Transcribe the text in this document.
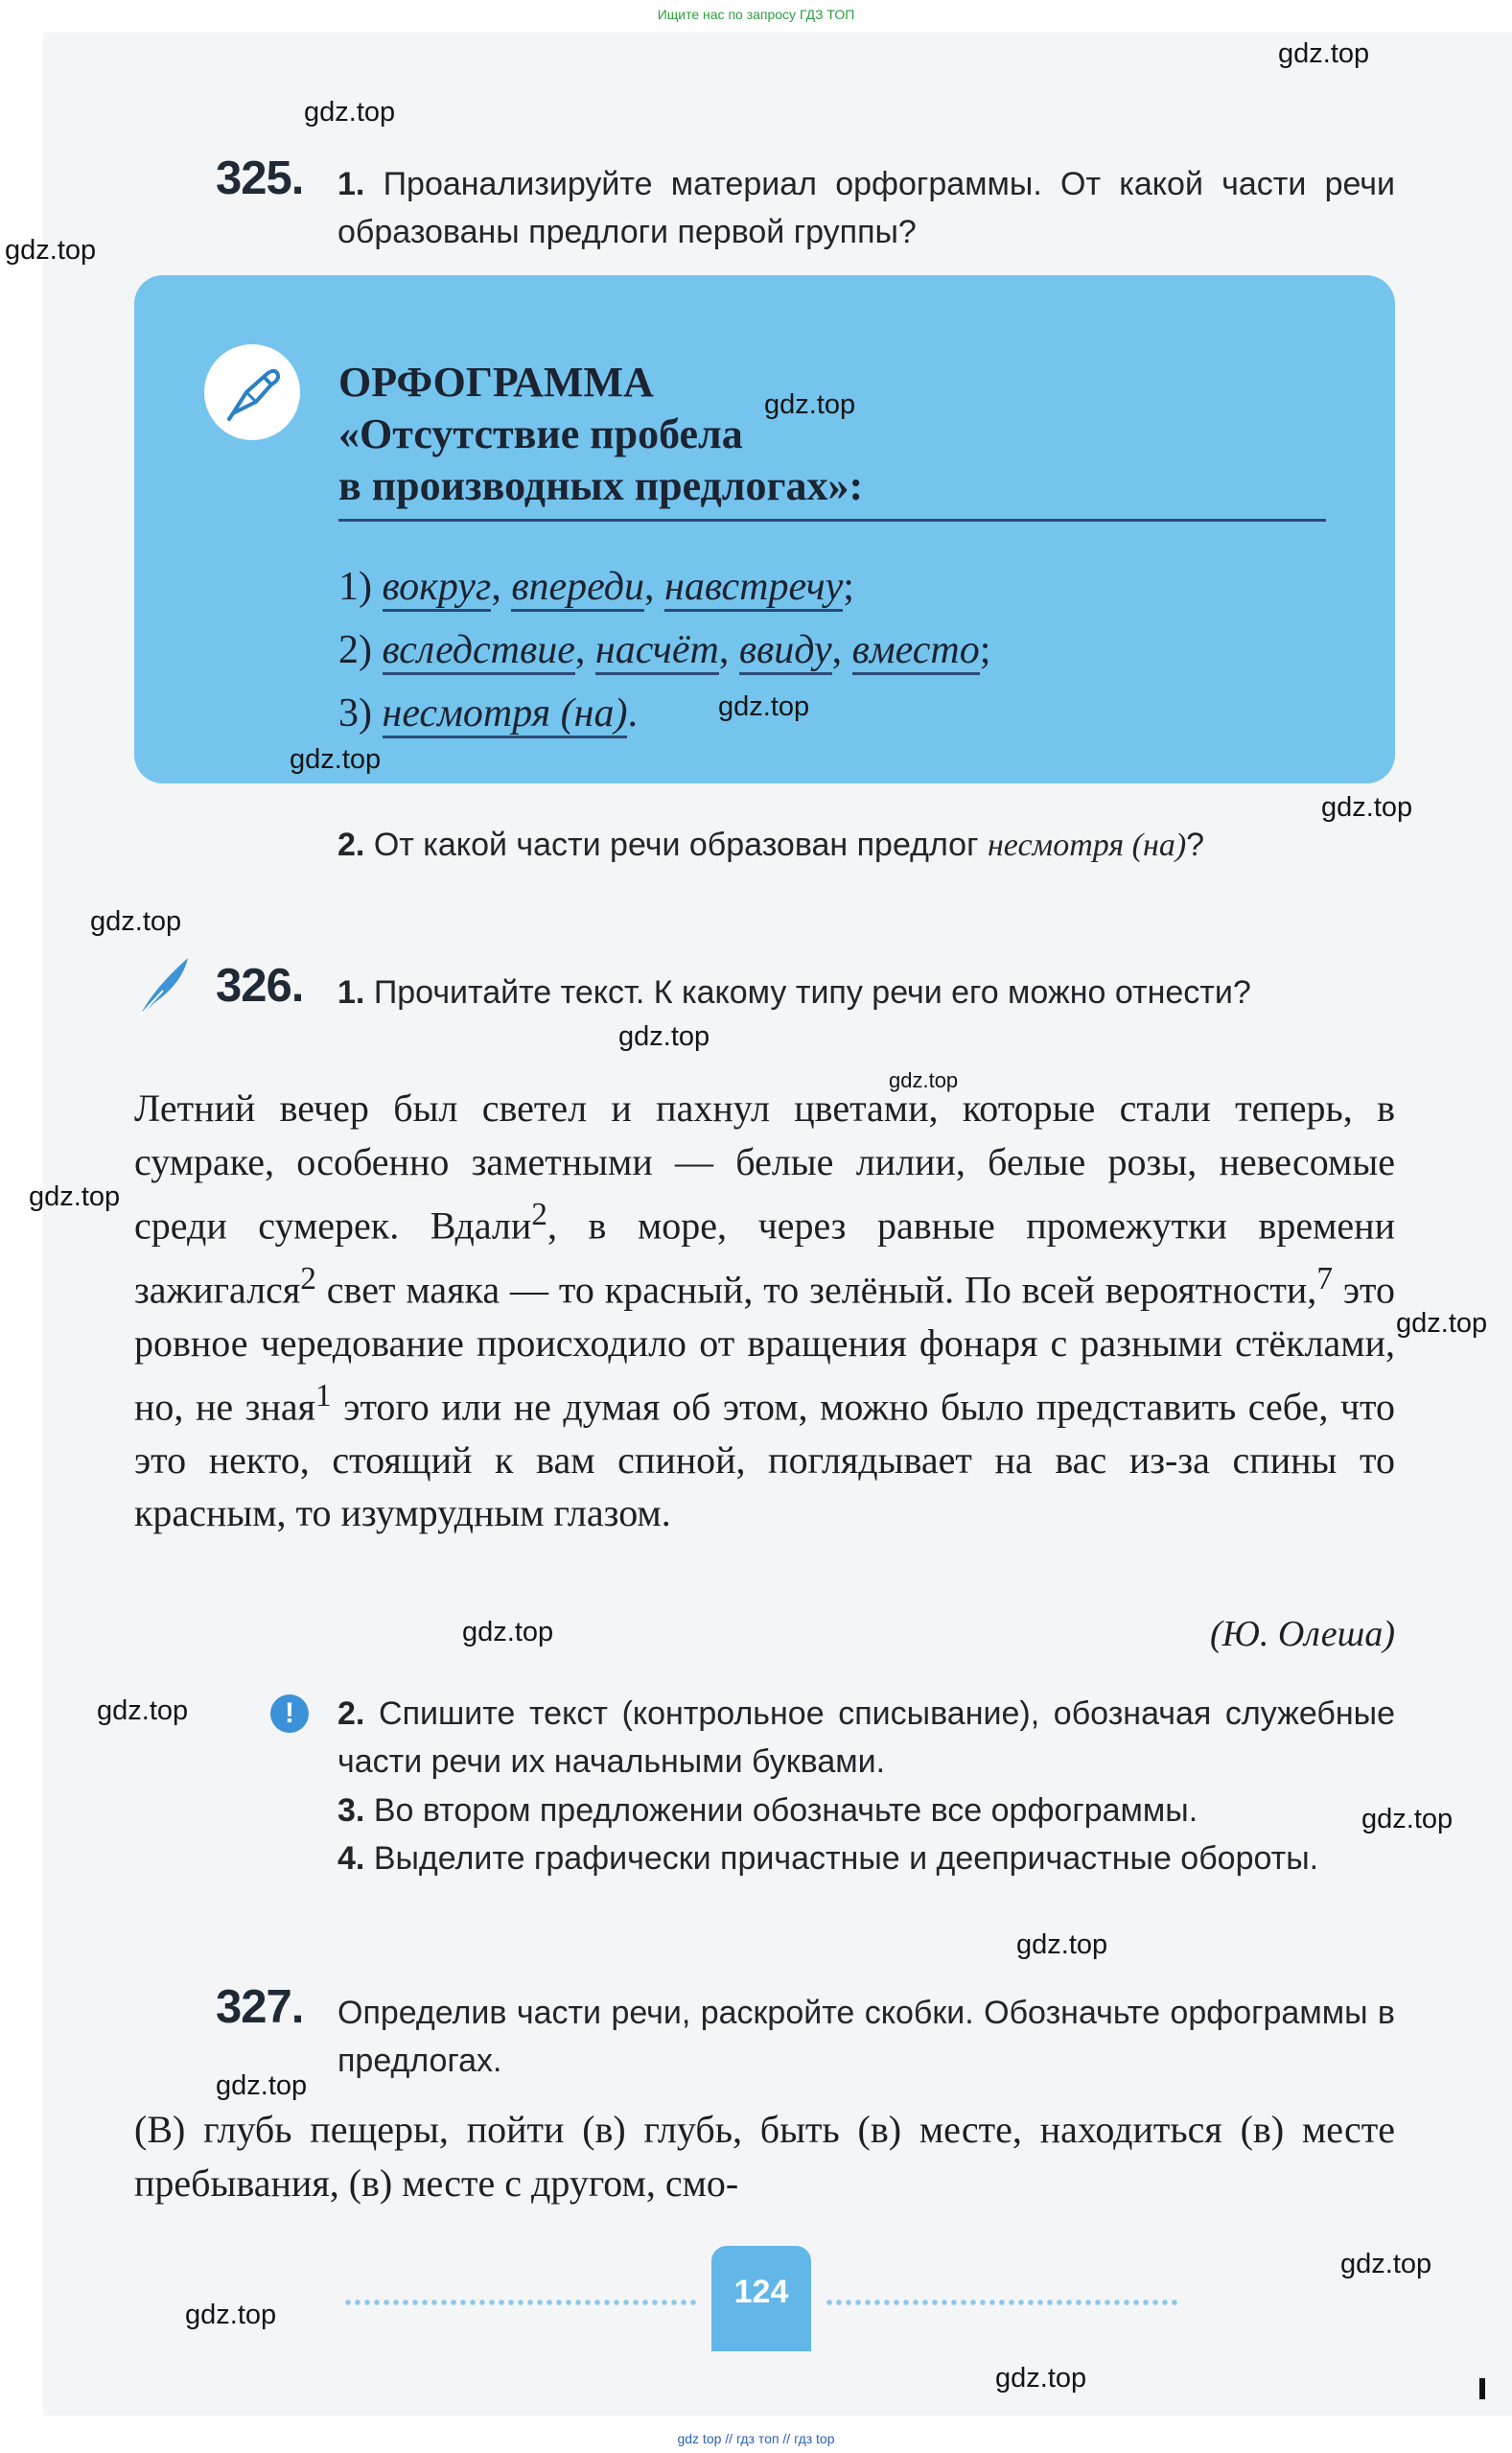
Ищите нас по запросу ГДЗ ТОП
325. 1. Проанализируйте материал орфограммы. От какой части речи образованы предлоги первой группы?
ОРФОГРАММА
«Отсутствие пробела
в производных предлогах»:
1) вокруг, впереди, навстречу;
2) вследствие, насчёт, ввиду, вместо;
3) несмотря (на).
2. От какой части речи образован предлог несмотря (на)?
326. 1. Прочитайте текст. К какому типу речи его можно отнести?
Летний вечер был светел и пахнул цветами, которые стали теперь, в сумраке, особенно заметными — белые лилии, белые розы, невесомые среди сумерек. Вдали$^2$, в море, через равные промежутки времени зажигался$^2$ свет маяка — то красный, то зелёный. По всей вероятности,$^7$ это ровное чередование происходило от вращения фонаря с разными стёклами, но, не зная$^1$ этого или не думая об этом, можно было представить себе, что это некто, стоящий к вам спиной, поглядывает на вас из-за спины то красным, то изумрудным глазом.
(Ю. Олеша)
!	2. Спишите текст (контрольное списывание), обозначая служебные части речи их начальными буквами.
3. Во втором предложении обозначьте все орфограммы.
4. Выделите графически причастные и деепричастные обороты.
327. Определив части речи, раскройте скобки. Обозначьте орфограммы в предлогах.
(В) глубь пещеры, пойти (в) глубь, быть (в) месте, находиться (в) месте пребывания, (в) месте с другом, смо-
124
gdz.top
gdz.top
gdz.top
gdz.top
gdz.top
gdz.top
gdz.top
gdz.top
gdz.top
gdz.top
gdz.top
gdz.top
gdz.top
gdz.top
gdz.top
gdz.top
gdz.top
gdz.top
gdz.top
gdz.top
gdz top // гдз топ // гдз top
